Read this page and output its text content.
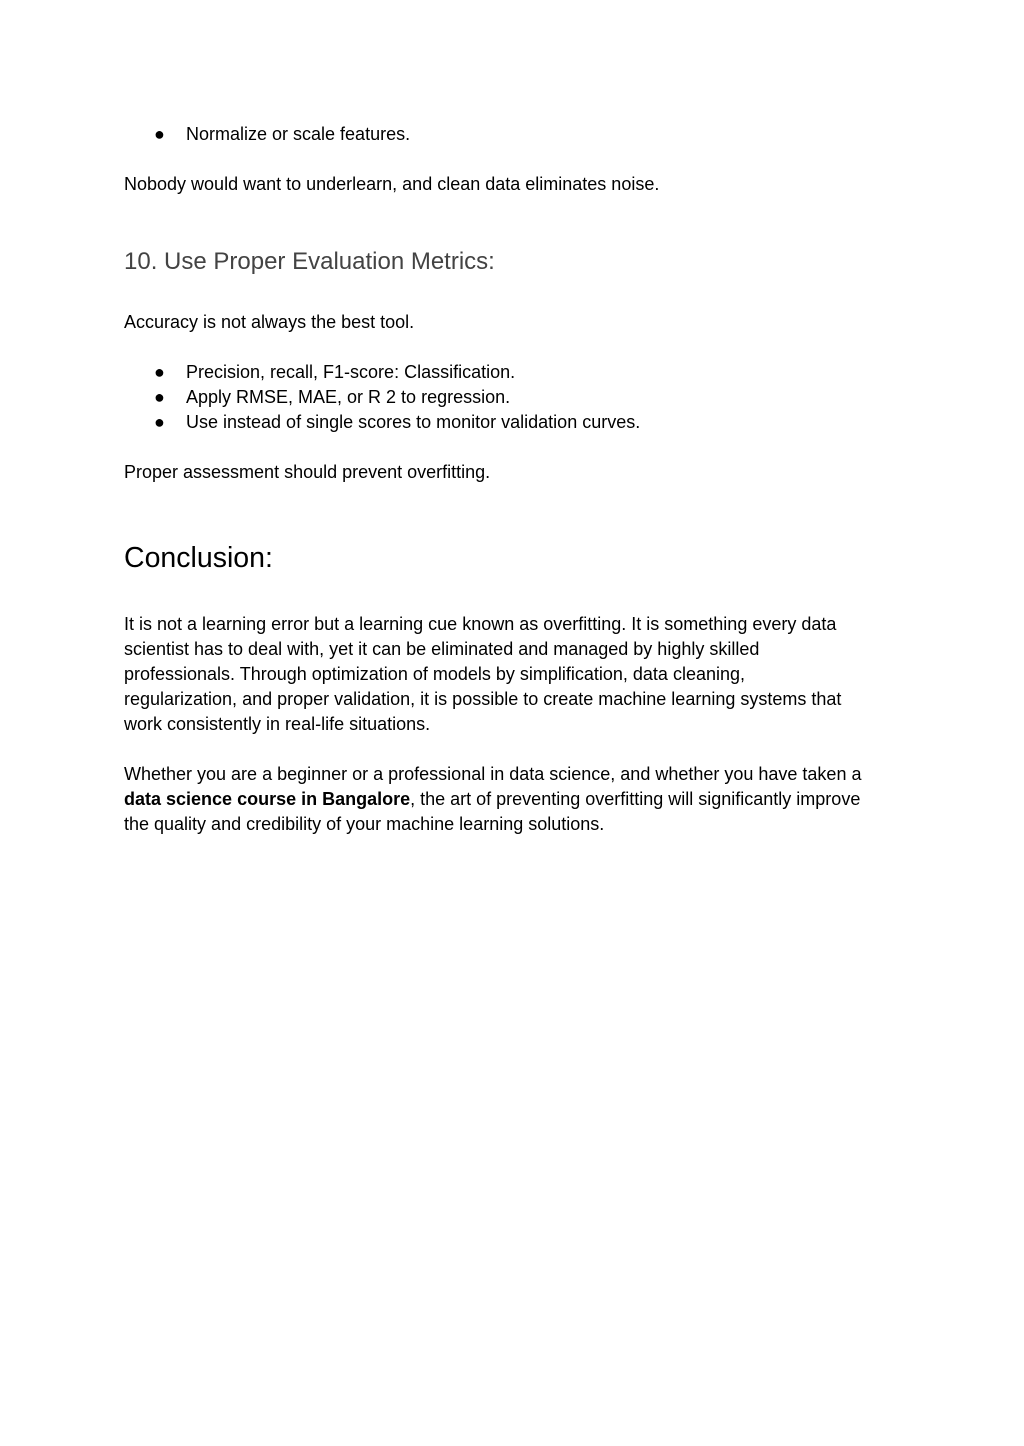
● Normalize or scale features.

Nobody would want to underlearn, and clean data eliminates noise.

10. Use Proper Evaluation Metrics:

Accuracy is not always the best tool.

● Precision, recall, F1-score: Classification.
● Apply RMSE, MAE, or R 2 to regression.
● Use instead of single scores to monitor validation curves.

Proper assessment should prevent overfitting.

Conclusion:
It is not a learning error but a learning cue known as overfitting. It is something every data
scientist has to deal with, yet it can be eliminated and managed by highly skilled
professionals. Through optimization of models by simplification, data cleaning,
regularization, and proper validation, it is possible to create machine learning systems that
work consistently in real-life situations.
Whether you are a beginner or a professional in data science, and whether you have taken a
data science course in Bangalore, the art of preventing overfitting will significantly improve
the quality and credibility of your machine learning solutions.
